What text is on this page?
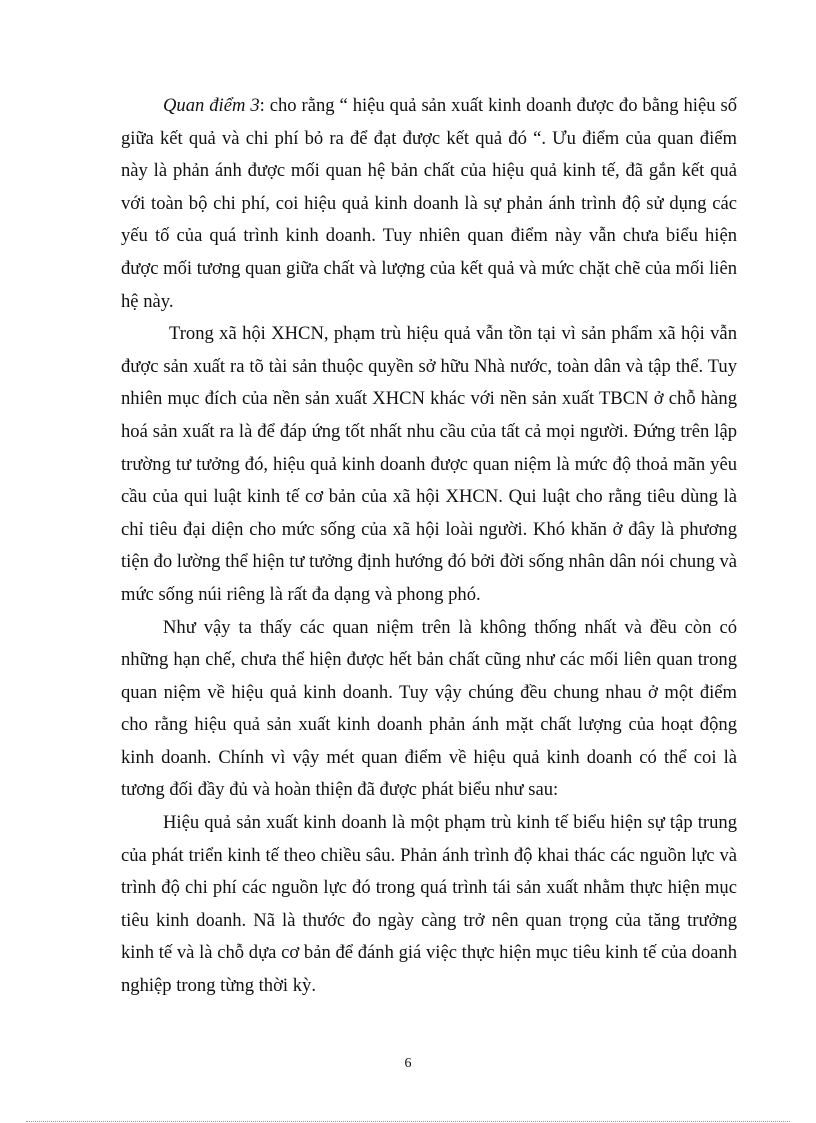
Quan điểm 3: cho rằng “ hiệu quả sản xuất kinh doanh được đo bằng hiệu số giữa kết quả và chi phí bỏ ra để đạt được kết quả đó “. Ưu điểm của quan điểm này là phản ánh được mối quan hệ bản chất của hiệu quả kinh tế, đã gắn kết quả với toàn bộ chi phí, coi hiệu quả kinh doanh là sự phản ánh trình độ sử dụng các yếu tố của quá trình kinh doanh. Tuy nhiên quan điểm này vẫn chưa biểu hiện được mối tương quan giữa chất và lượng của kết quả và mức chặt chẽ của mối liên hệ này.

Trong xã hội XHCN, phạm trù hiệu quả vẫn tồn tại vì sản phẩm xã hội vẫn được sản xuất ra tõ tài sản thuộc quyền sở hữu Nhà nước, toàn dân và tập thể. Tuy nhiên mục đích của nền sản xuất XHCN khác với nền sản xuất TBCN ở chỗ hàng hoá sản xuất ra là để đáp ứng tốt nhất nhu cầu của tất cả mọi người. Đứng trên lập trường tư tưởng đó, hiệu quả kinh doanh được quan niệm là mức độ thoả mãn yêu cầu của qui luật kinh tế cơ bản của xã hội XHCN. Qui luật cho rằng tiêu dùng là chỉ tiêu đại diện cho mức sống của xã hội loài người. Khó khăn ở đây là phương tiện đo lường thể hiện tư tưởng định hướng đó bởi đời sống nhân dân nói chung và mức sống núi riêng là rất đa dạng và phong phó.

Như vậy ta thấy các quan niệm trên là không thống nhất và đều còn có những hạn chế, chưa thể hiện được hết bản chất cũng như các mối liên quan trong quan niệm về hiệu quả kinh doanh. Tuy vậy chúng đều chung nhau ở một điểm cho rằng hiệu quả sản xuất kinh doanh phản ánh mặt chất lượng của hoạt động kinh doanh. Chính vì vậy mét quan điểm về hiệu quả kinh doanh có thể coi là tương đối đầy đủ và hoàn thiện đã được phát biểu như sau:

Hiệu quả sản xuất kinh doanh là một phạm trù kinh tế biểu hiện sự tập trung của phát triển kinh tế theo chiều sâu. Phản ánh trình độ khai thác các nguồn lực và trình độ chi phí các nguồn lực đó trong quá trình tái sản xuất nhằm thực hiện mục tiêu kinh doanh. Nã là thước đo ngày càng trở nên quan trọng của tăng trưởng kinh tế và là chỗ dựa cơ bản để đánh giá việc thực hiện mục tiêu kinh tế của doanh nghiệp trong từng thời kỳ.

6
